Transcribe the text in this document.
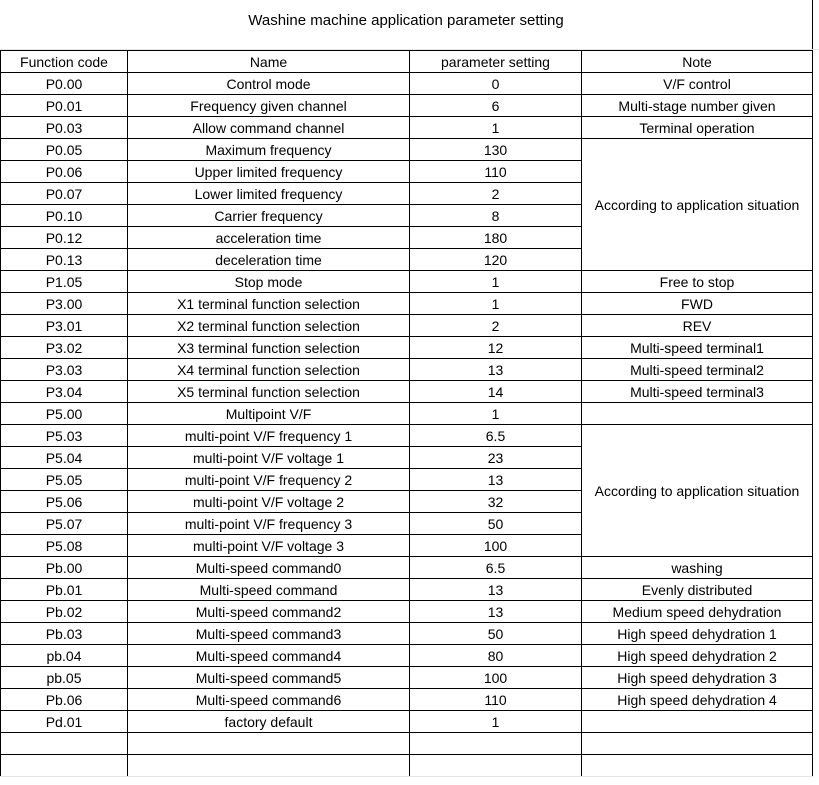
Washine machine application parameter setting
Function code	Name	parameter setting	Note
P0.00	Control mode	0	V/F control
P0.01	Frequency given channel	6	Multi-stage number given
P0.03	Allow command channel	1	Terminal operation
P0.05	Maximum frequency	130	According to application situation
P0.06	Upper limited frequency	110	
P0.07	Lower limited frequency	2	
P0.10	Carrier frequency	8	
P0.12	acceleration time	180	
P0.13	deceleration time	120	
P1.05	Stop mode	1	Free to stop
P3.00	X1 terminal function selection	1	FWD
P3.01	X2 terminal function selection	2	REV
P3.02	X3 terminal function selection	12	Multi-speed terminal1
P3.03	X4 terminal function selection	13	Multi-speed terminal2
P3.04	X5 terminal function selection	14	Multi-speed terminal3
P5.00	Multipoint V/F	1	
P5.03	multi-point V/F frequency 1	6.5	According to application situation
P5.04	multi-point V/F voltage 1	23	
P5.05	multi-point V/F frequency 2	13	
P5.06	multi-point V/F voltage 2	32	
P5.07	multi-point V/F frequency 3	50	
P5.08	multi-point V/F voltage 3	100	
Pb.00	Multi-speed command0	6.5	washing
Pb.01	Multi-speed command	13	Evenly distributed
Pb.02	Multi-speed command2	13	Medium speed dehydration
Pb.03	Multi-speed command3	50	High speed dehydration 1
pb.04	Multi-speed command4	80	High speed dehydration 2
pb.05	Multi-speed command5	100	High speed dehydration 3
Pb.06	Multi-speed command6	110	High speed dehydration 4
Pd.01	factory default	1	
